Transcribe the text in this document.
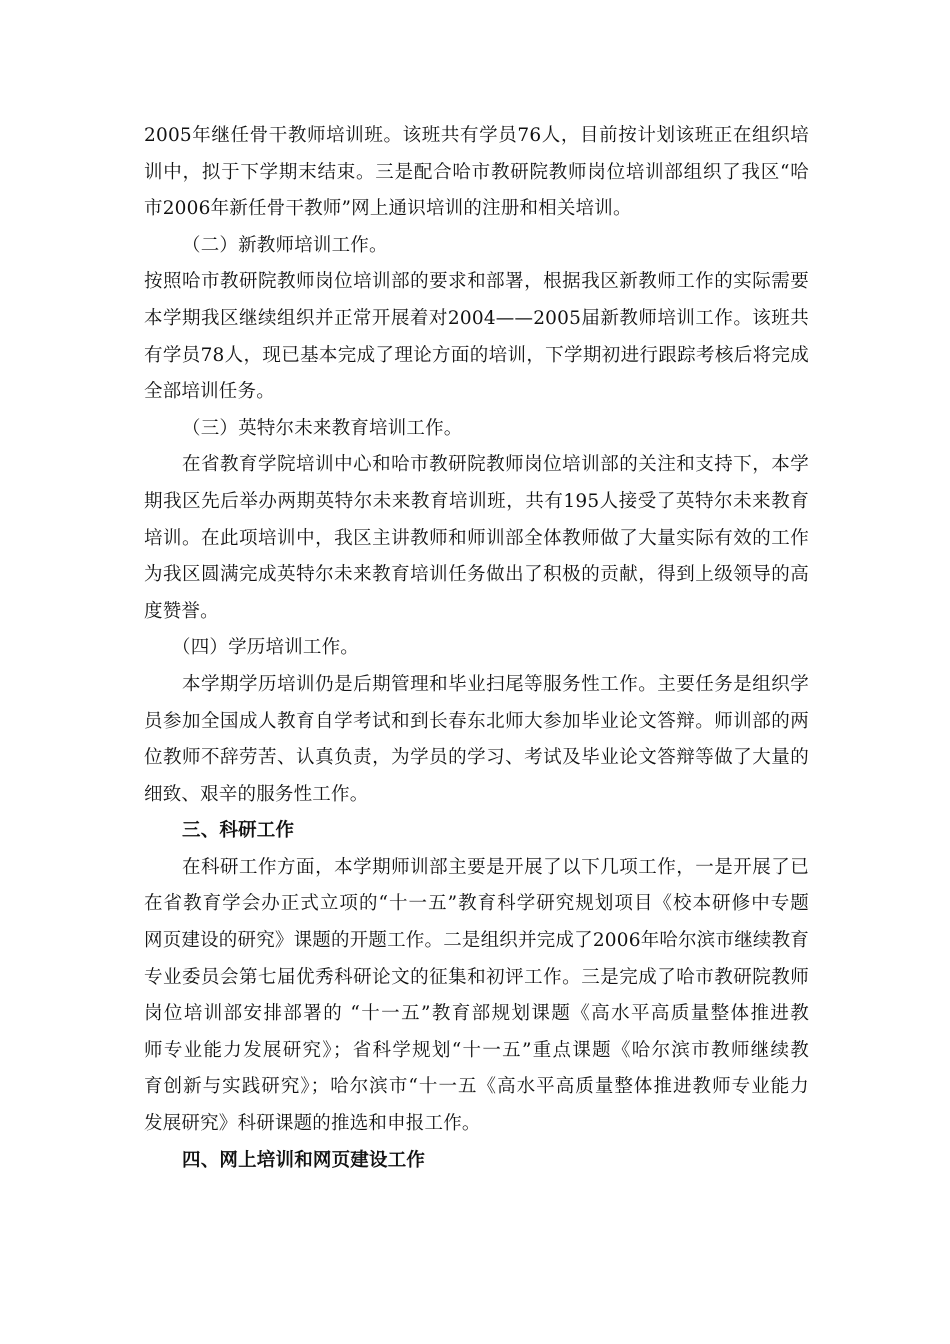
2005年继任骨干教师培训班。该班共有学员76人，目前按计划该班正在组织培
训中，拟于下学期末结束。三是配合哈市教研院教师岗位培训部组织了我区“哈
市2006年新任骨干教师”网上通识培训的注册和相关培训。
（二）新教师培训工作。
按照哈市教研院教师岗位培训部的要求和部署，根据我区新教师工作的实际需要
本学期我区继续组织并正常开展着对2004——2005届新教师培训工作。该班共
有学员78人，现已基本完成了理论方面的培训，下学期初进行跟踪考核后将完成
全部培训任务。
（三）英特尔未来教育培训工作。
在省教育学院培训中心和哈市教研院教师岗位培训部的关注和支持下，本学
期我区先后举办两期英特尔未来教育培训班，共有195人接受了英特尔未来教育
培训。在此项培训中，我区主讲教师和师训部全体教师做了大量实际有效的工作
为我区圆满完成英特尔未来教育培训任务做出了积极的贡献，得到上级领导的高
度赞誉。
（四）学历培训工作。
本学期学历培训仍是后期管理和毕业扫尾等服务性工作。主要任务是组织学
员参加全国成人教育自学考试和到长春东北师大参加毕业论文答辩。师训部的两
位教师不辞劳苦、认真负责，为学员的学习、考试及毕业论文答辩等做了大量的
细致、艰辛的服务性工作。
三、科研工作
在科研工作方面，本学期师训部主要是开展了以下几项工作，一是开展了已
在省教育学会办正式立项的“十一五”教育科学研究规划项目《校本研修中专题
网页建设的研究》课题的开题工作。二是组织并完成了2006年哈尔滨市继续教育
专业委员会第七届优秀科研论文的征集和初评工作。三是完成了哈市教研院教师
岗位培训部安排部署的 “十一五”教育部规划课题《高水平高质量整体推进教
师专业能力发展研究》；省科学规划“十一五”重点课题《哈尔滨市教师继续教
育创新与实践研究》；哈尔滨市“十一五《高水平高质量整体推进教师专业能力
发展研究》科研课题的推选和申报工作。
四、网上培训和网页建设工作
